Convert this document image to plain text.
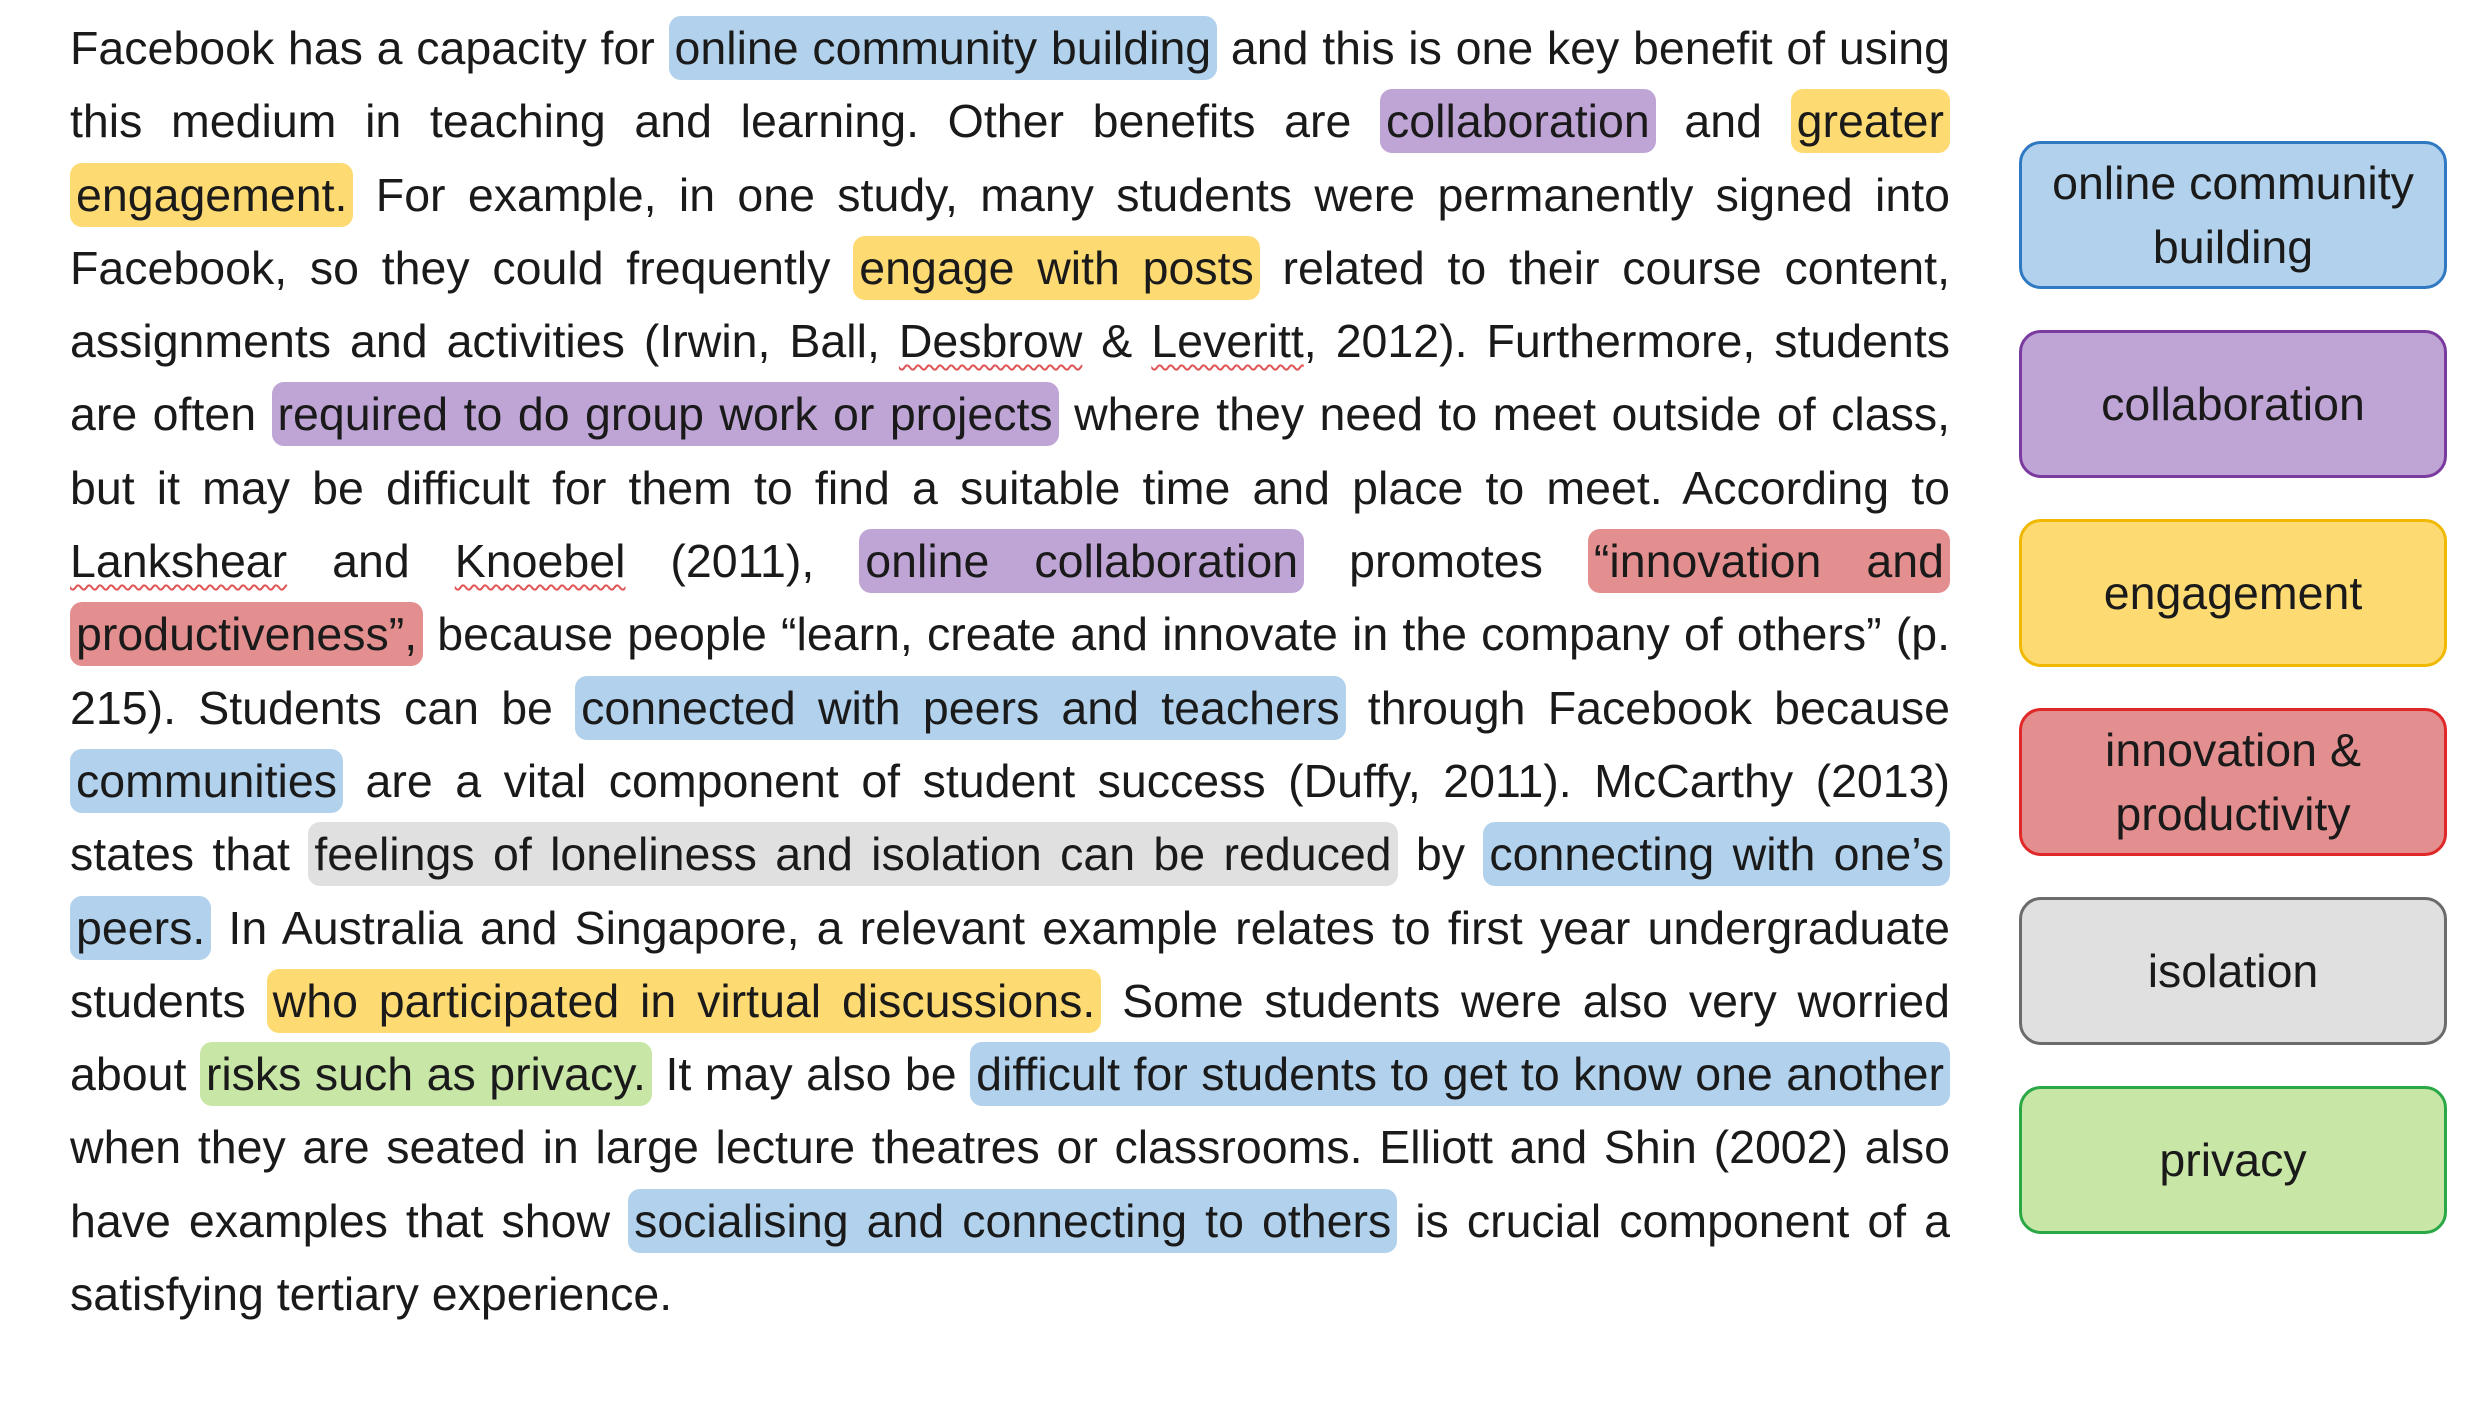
Facebook has a capacity for online community building and this is one key benefit of using this medium in teaching and learning. Other benefits are collaboration and greater engagement. For example, in one study, many students were permanently signed into Facebook, so they could frequently engage with posts related to their course content, assignments and activities (Irwin, Ball, Desbrow & Leveritt, 2012). Furthermore, students are often required to do group work or projects where they need to meet outside of class, but it may be difficult for them to find a suitable time and place to meet. According to Lankshear and Knoebel (2011), online collaboration promotes “innovation and productiveness”, because people “learn, create and innovate in the company of others” (p. 215). Students can be connected with peers and teachers through Facebook because communities are a vital component of student success (Duffy, 2011). McCarthy (2013) states that feelings of loneliness and isolation can be reduced by connecting with one’s peers. In Australia and Singapore, a relevant example relates to first year undergraduate students who participated in virtual discussions. Some students were also very worried about risks such as privacy. It may also be difficult for students to get to know one another when they are seated in large lecture theatres or classrooms. Elliott and Shin (2002) also have examples that show socialising and connecting to others is crucial component of a satisfying tertiary experience.
online community building
collaboration
engagement
innovation & productivity
isolation
privacy
